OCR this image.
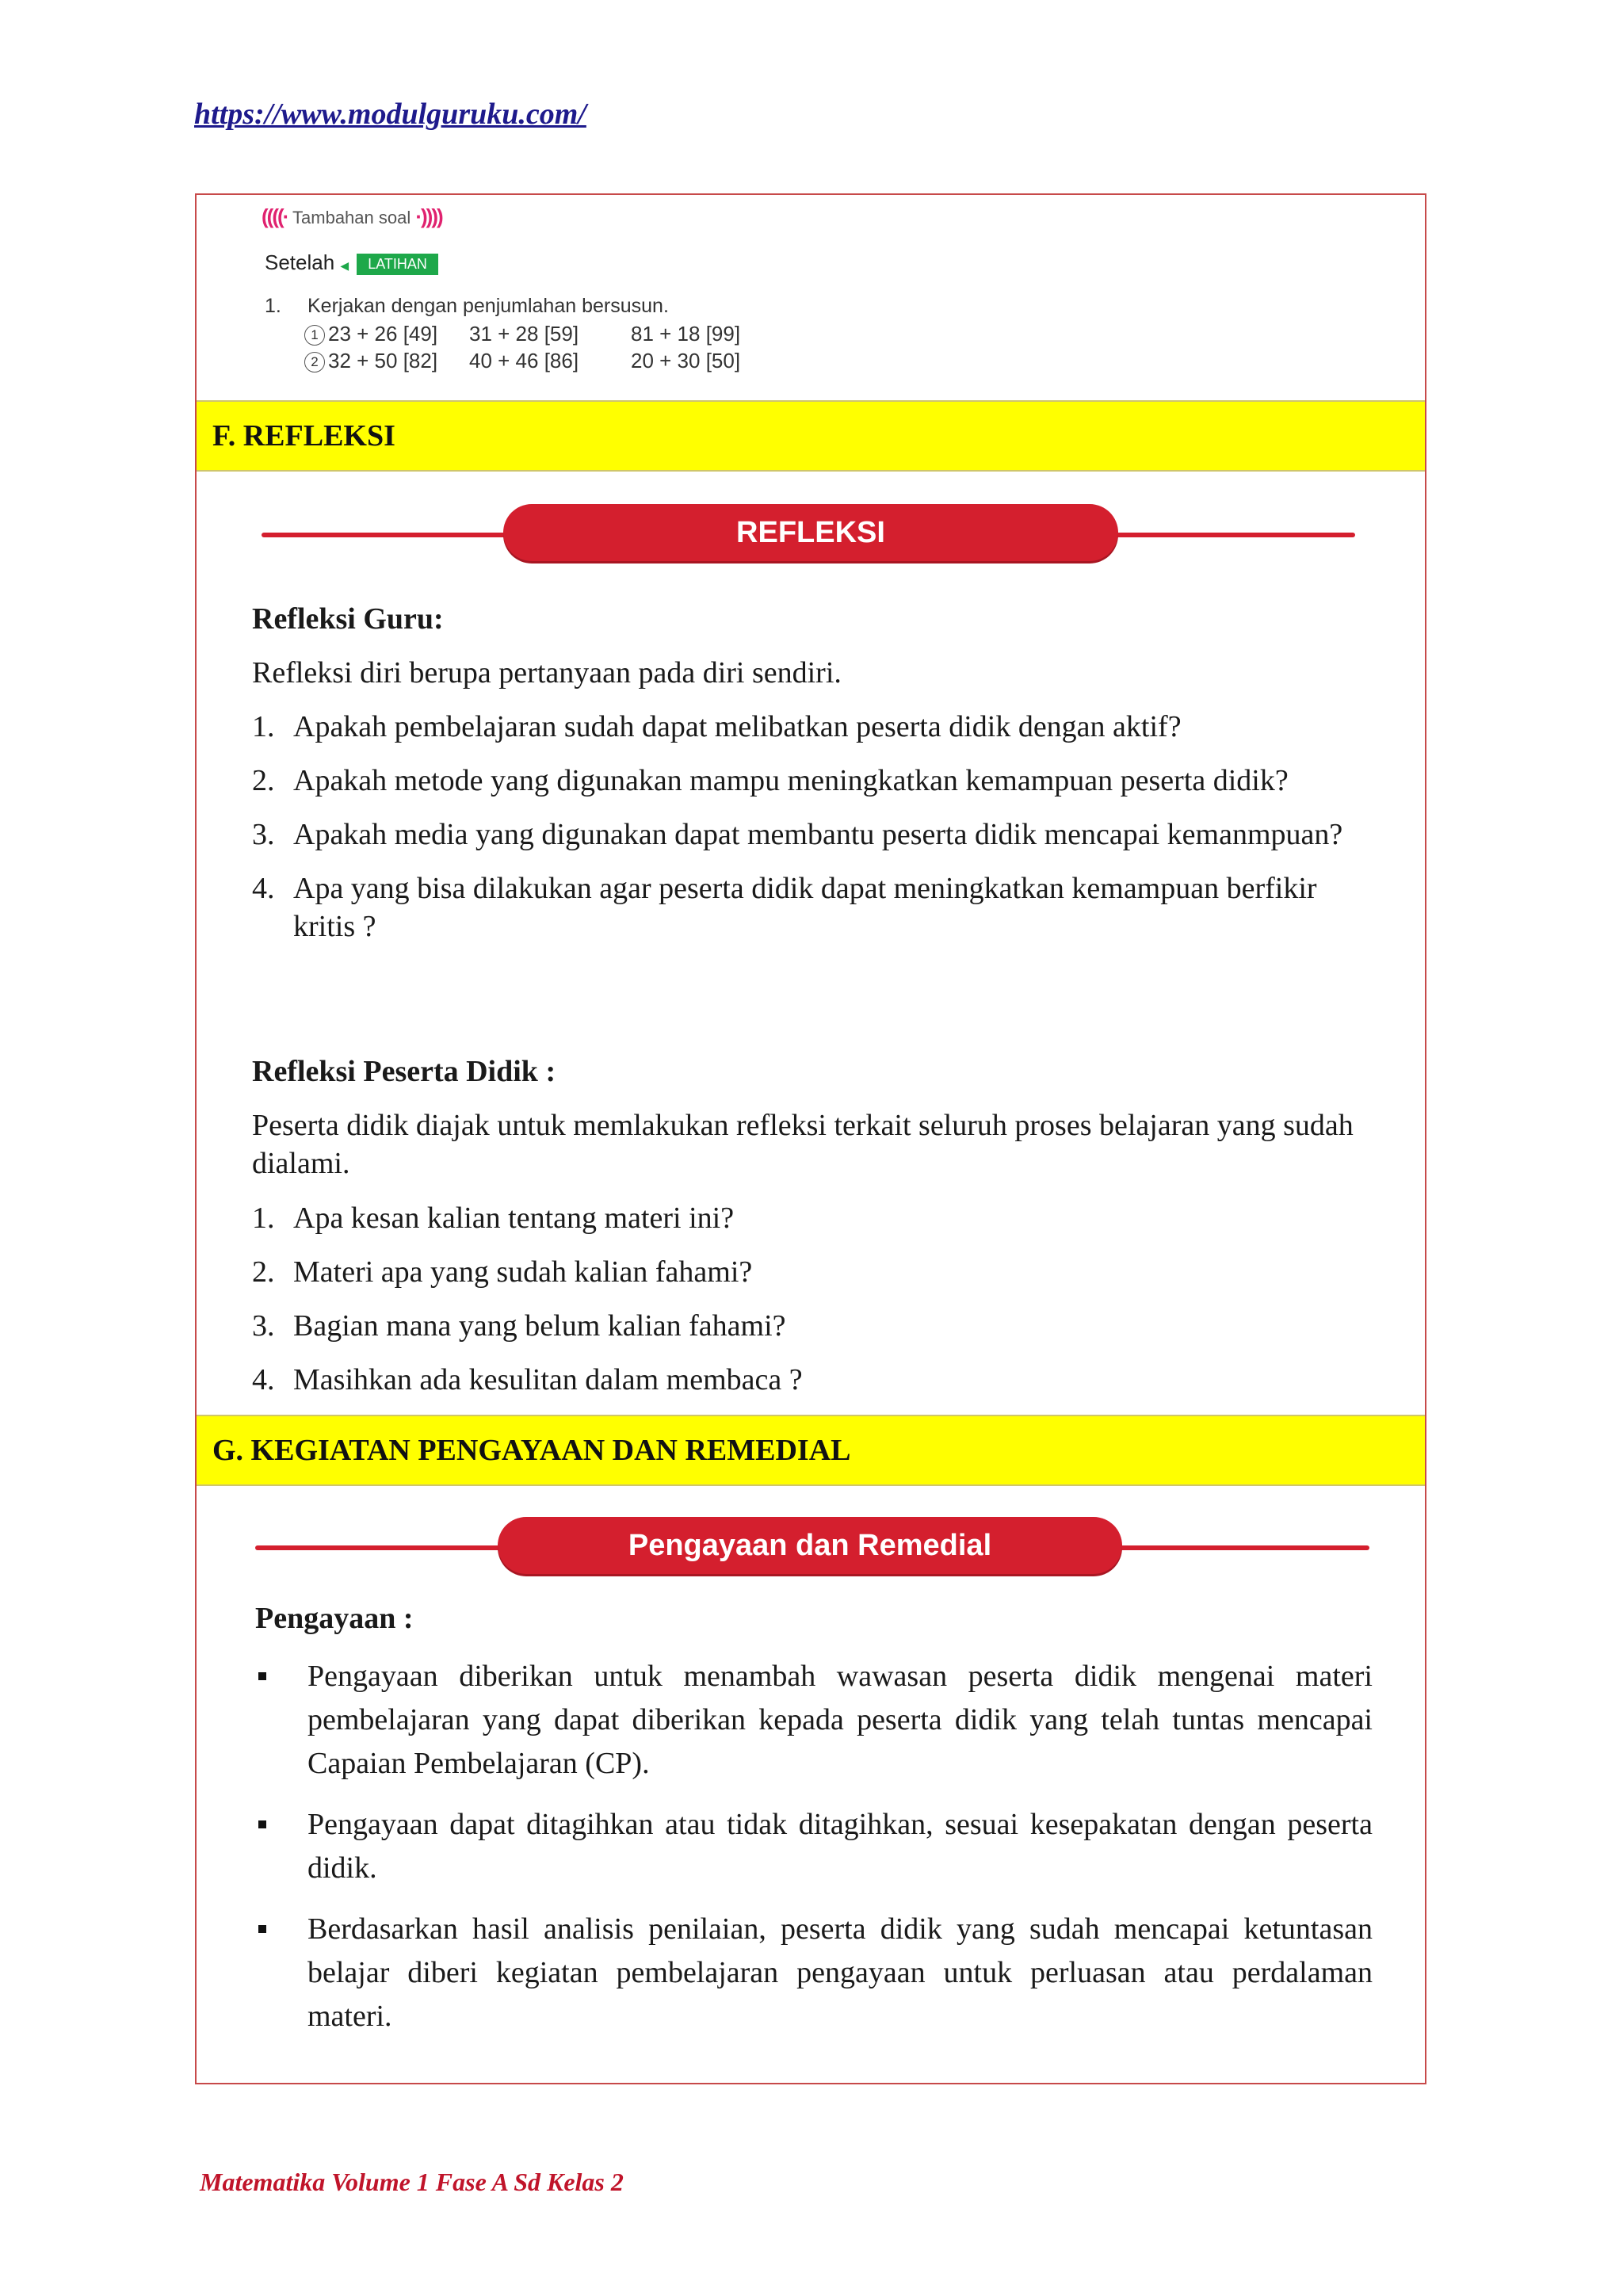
https://www.modulguruku.com/
((((· Tambahan soal ·))))
Setelah ◀ LATIHAN
1. Kerjakan dengan penjumlahan bersusun.
1 23 + 26 [49] 31 + 28 [59]	81 + 18 [99]
2 32 + 50 [82] 40 + 46 [86]	20 + 30 [50]
F. REFLEKSI
REFLEKSI
Refleksi Guru:
Refleksi diri berupa pertanyaan pada diri sendiri.
1. Apakah pembelajaran sudah dapat melibatkan peserta didik dengan aktif?
2. Apakah metode yang digunakan mampu meningkatkan kemampuan peserta didik?
3. Apakah media yang digunakan dapat membantu peserta didik mencapai kemanmpuan?
4. Apa yang bisa dilakukan agar peserta didik dapat meningkatkan kemampuan berfikir kritis ?
Refleksi Peserta Didik :
Peserta didik diajak untuk memlakukan refleksi terkait seluruh proses belajaran yang sudah dialami.
1. Apa kesan kalian tentang materi ini?
2. Materi apa yang sudah kalian fahami?
3. Bagian mana yang belum kalian fahami?
4. Masihkan ada kesulitan dalam membaca ?
G. KEGIATAN PENGAYAAN DAN REMEDIAL
Pengayaan dan Remedial
Pengayaan :
Pengayaan diberikan untuk menambah wawasan peserta didik mengenai materi pembelajaran yang dapat diberikan kepada peserta didik yang telah tuntas mencapai Capaian Pembelajaran (CP).
Pengayaan dapat ditagihkan atau tidak ditagihkan, sesuai kesepakatan dengan peserta didik.
Berdasarkan hasil analisis penilaian, peserta didik yang sudah mencapai ketuntasan belajar diberi kegiatan pembelajaran pengayaan untuk perluasan atau perdalaman materi.
Matematika Volume 1 Fase A Sd Kelas 2
